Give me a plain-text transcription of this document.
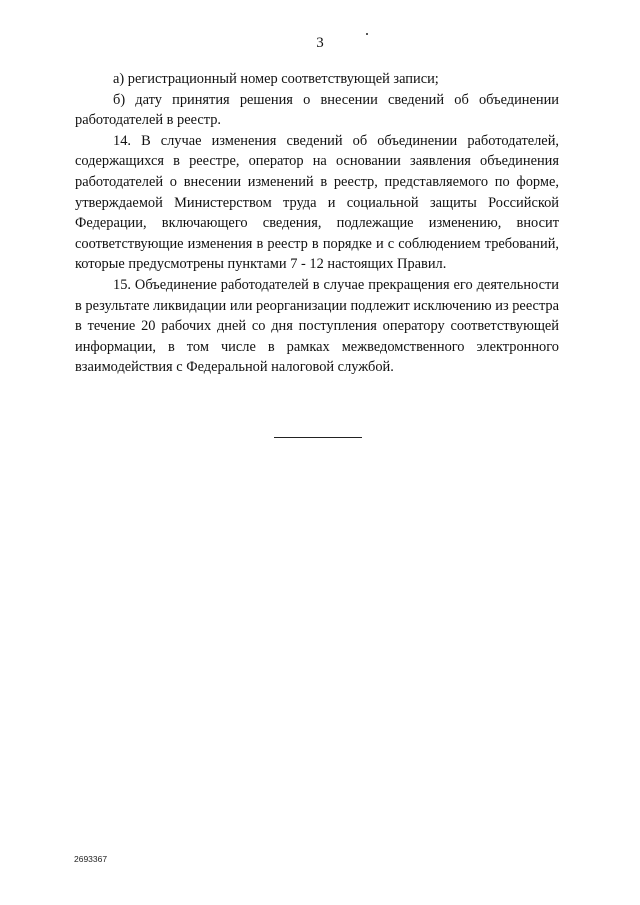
3

а) регистрационный номер соответствующей записи;

б) дату принятия решения о внесении сведений об объединении работодателей в реестр.

14. В случае изменения сведений об объединении работодателей, содержащихся в реестре, оператор на основании заявления объединения работодателей о внесении изменений в реестр, представляемого по форме, утверждаемой Министерством труда и социальной защиты Российской Федерации, включающего сведения, подлежащие изменению, вносит соответствующие изменения в реестр в порядке и с соблюдением требований, которые предусмотрены пунктами 7 - 12 настоящих Правил.

15. Объединение работодателей в случае прекращения его деятельности в результате ликвидации или реорганизации подлежит исключению из реестра в течение 20 рабочих дней со дня поступления оператору соответствующей информации, в том числе в рамках межведомственного электронного взаимодействия с Федеральной налоговой службой.

2693367
